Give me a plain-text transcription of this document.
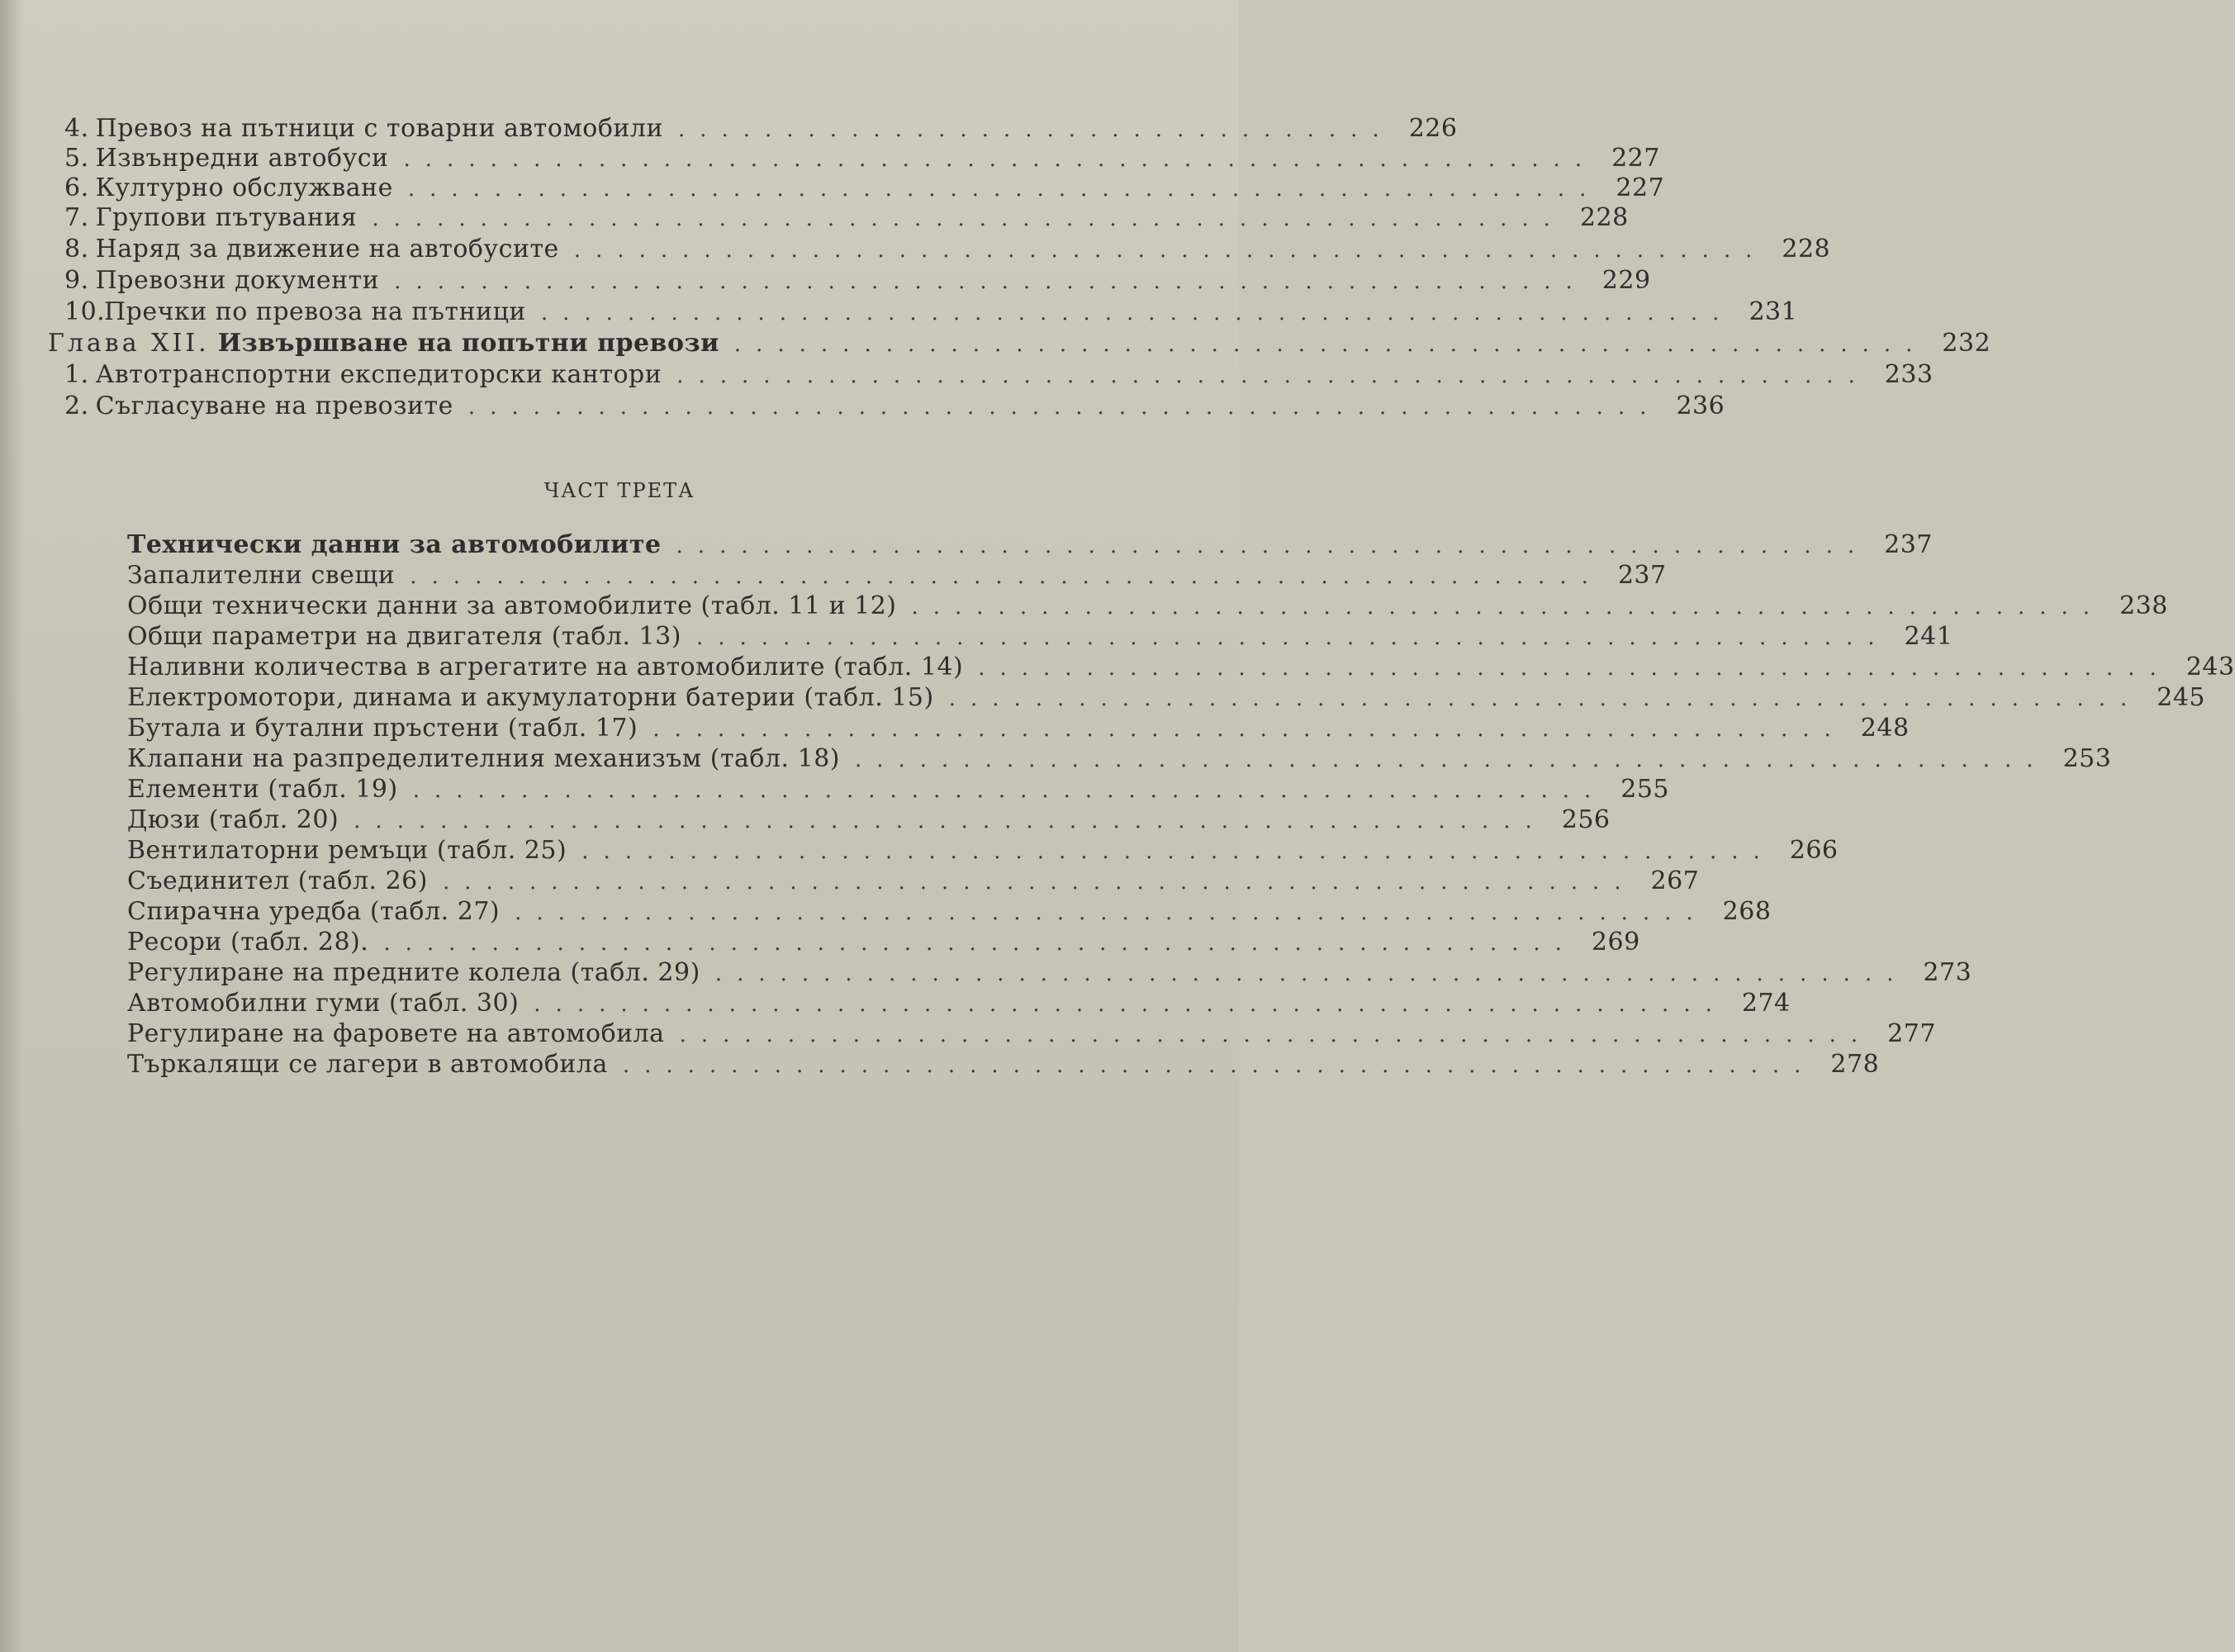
4. Превоз на пътници с товарни автомобили ................................. 226
5. Извънредни автобуси ....................................................... 227
6. Културно обслужване ....................................................... 227
7. Групови пътувания ....................................................... 228
8. Наряд за движение на автобусите ....................................................... 228
9. Превозни документи ....................................................... 229
10.
Пречки по превоза на пътници ....................................................... 231
Глава XII. Извършване на попътни превози ....................................................... 232
1. Автотранспортни експедиторски кантори ....................................................... 233
2. Съгласуване на превозите ....................................................... 236
ЧАСТ ТРЕТА
Технически данни за автомобилите ....................................................... 237
Запалителни свещи ....................................................... 237
Общи технически данни за автомобилите (табл. 11 и 12) ....................................................... 238
Общи параметри на двигателя (табл. 13) ....................................................... 241
Наливни количества в агрегатите на автомобилите (табл. 14) ....................................................... 243
Електромотори, динама и акумулаторни батерии (табл. 15) ....................................................... 245
Бутала и бутални пръстени (табл. 17) ....................................................... 248
Клапани на разпределителния механизъм (табл. 18) ....................................................... 253
Елементи (табл. 19) ....................................................... 255
Дюзи (табл. 20) ....................................................... 256
Вентилаторни ремъци (табл. 25) ....................................................... 266
Съединител (табл. 26) ....................................................... 267
Спирачна уредба (табл. 27) ....................................................... 268
Ресори (табл. 28). ....................................................... 269
Регулиране на предните колела (табл. 29) ....................................................... 273
Автомобилни гуми (табл. 30) ....................................................... 274
Регулиране на фаровете на автомобила ....................................................... 277
Търкалящи се лагери в автомобила ....................................................... 278
